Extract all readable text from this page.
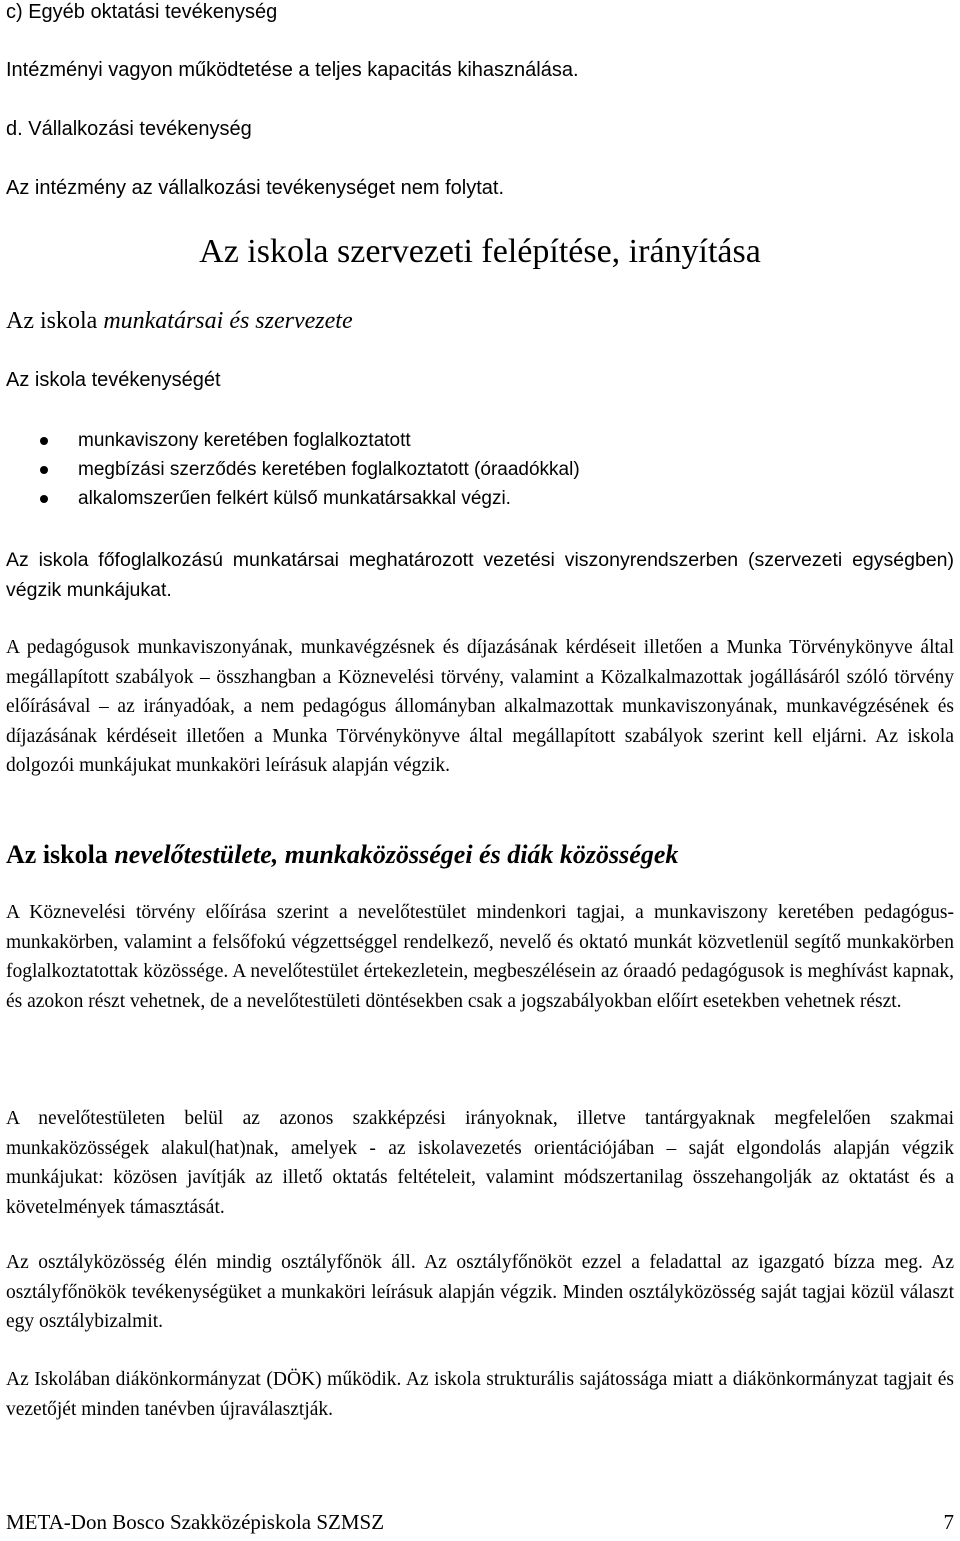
c) Egyéb oktatási tevékenység
Intézményi vagyon működtetése a teljes kapacitás kihasználása.
d. Vállalkozási tevékenység
Az intézmény az vállalkozási tevékenységet nem folytat.
Az iskola szervezeti felépítése, irányítása
Az iskola munkatársai és szervezete
Az iskola tevékenységét
munkaviszony keretében foglalkoztatott
megbízási szerződés keretében foglalkoztatott (óraadókkal)
alkalomszerűen felkért külső munkatársakkal végzi.
Az iskola főfoglalkozású munkatársai meghatározott vezetési viszonyrendszerben (szervezeti egységben) végzik munkájukat.
A pedagógusok munkaviszonyának, munkavégzésnek és díjazásának kérdéseit illetően a Munka Törvénykönyve által megállapított szabályok – összhangban a Köznevelési törvény, valamint a Közalkalmazottak jogállásáról szóló törvény előírásával – az irányadóak, a nem pedagógus állományban alkalmazottak munkaviszonyának, munkavégzésének és díjazásának kérdéseit illetően a Munka Törvénykönyve által megállapított szabályok szerint kell eljárni. Az iskola dolgozói munkájukat munkaköri leírásuk alapján végzik.
Az iskola nevelőtestülete, munkaközösségei és diák közösségek
A Köznevelési törvény előírása szerint a nevelőtestület mindenkori tagjai, a munkaviszony keretében pedagógus-munkakörben, valamint a felsőfokú végzettséggel rendelkező, nevelő és oktató munkát közvetlenül segítő munkakörben foglalkoztatottak közössége. A nevelőtestület értekezletein, megbeszélésein az óraadó pedagógusok is meghívást kapnak, és azokon részt vehetnek, de a nevelőtestületi döntésekben csak a jogszabályokban előírt esetekben vehetnek részt.
A nevelőtestületen belül az azonos szakképzési irányoknak, illetve tantárgyaknak megfelelően szakmai munkaközösségek alakul(hat)nak, amelyek - az iskolavezetés orientációjában – saját elgondolás alapján végzik munkájukat: közösen javítják az illető oktatás feltételeit, valamint módszertanilag összehangolják az oktatást és a követelmények támasztását.
Az osztályközösség élén mindig osztályfőnök áll. Az osztályfőnököt ezzel a feladattal az igazgató bízza meg. Az osztályfőnökök tevékenységüket a munkaköri leírásuk alapján végzik. Minden osztályközösség saját tagjai közül választ egy osztálybizalmit.
Az Iskolában diákönkormányzat (DÖK) működik. Az iskola strukturális sajátossága miatt a diákönkormányzat tagjait és vezetőjét minden tanévben újraválasztják.
META-Don Bosco Szakközépiskola SZMSZ	7
